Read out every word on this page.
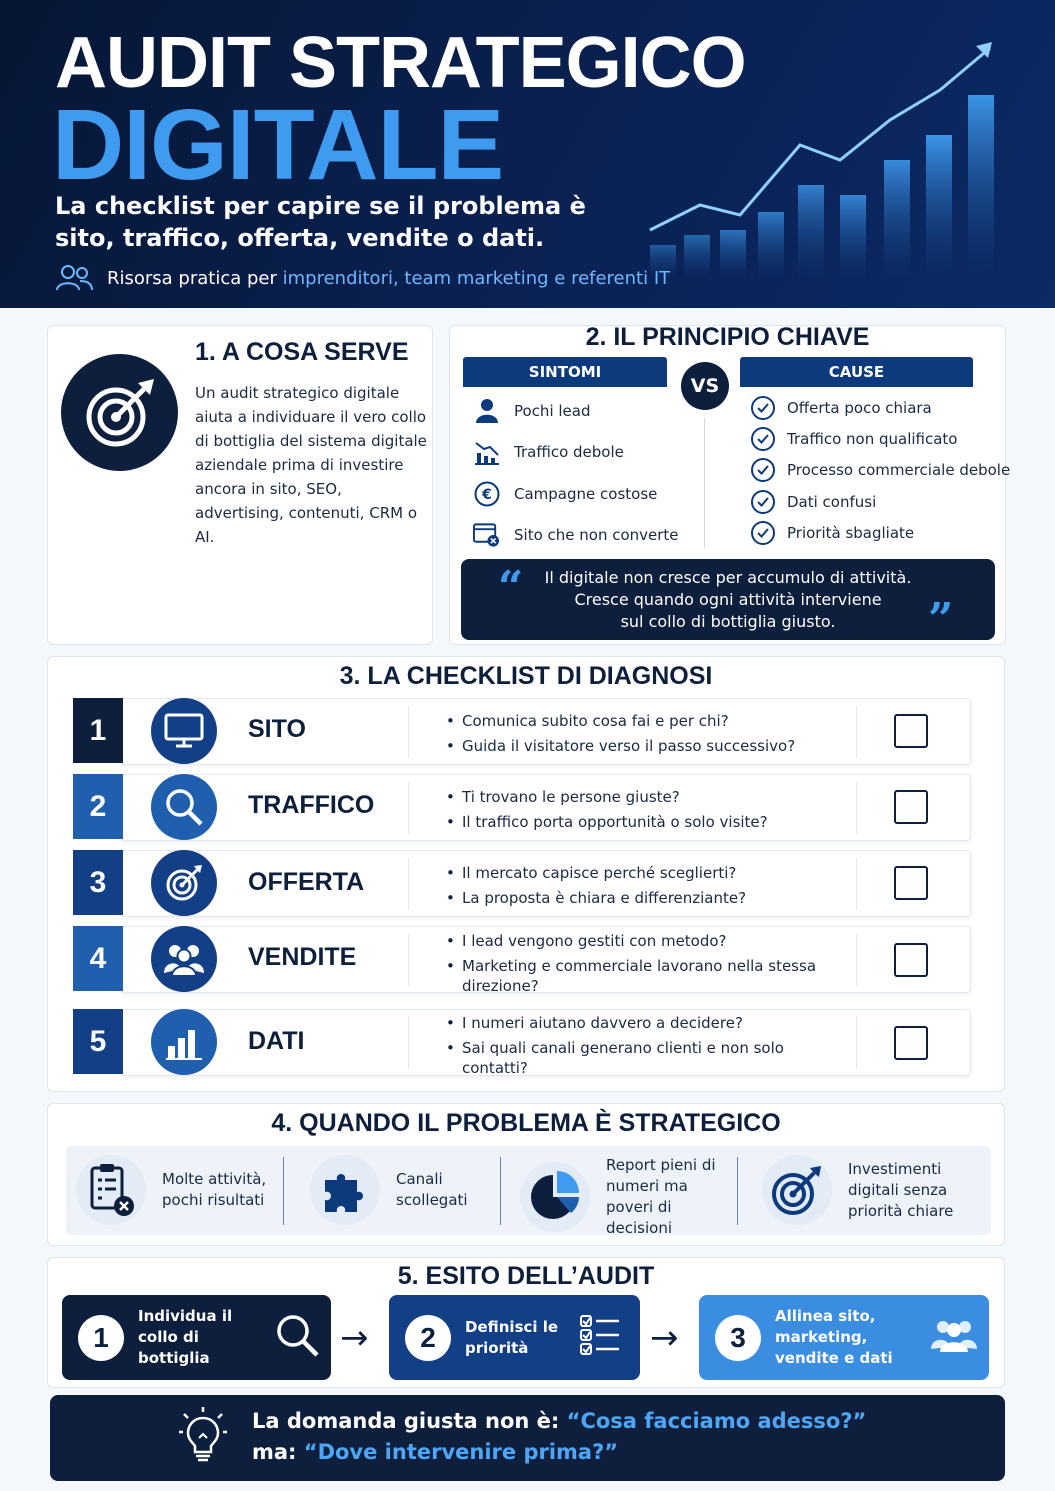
AUDIT STRATEGICO
DIGITALE
La checklist per capire se il problema è sito, traffico, offerta, vendite o dati.
Risorsa pratica per imprenditori, team marketing e referenti IT
1. A COSA SERVE
Un audit strategico digitale aiuta a individuare il vero collo di bottiglia del sistema digitale aziendale prima di investire ancora in sito, SEO, advertising, contenuti, CRM o AI.
2. IL PRINCIPIO CHIAVE
SINTOMI	CAUSE
VS
Pochi lead
Traffico debole
€ Campagne costose
Sito che non converte
Offerta poco chiara
Traffico non qualificato
Processo commerciale debole
Dati confusi
Priorità sbagliate
Il digitale non cresce per accumulo di attività.
Cresce quando ogni attività interviene
sul collo di bottiglia giusto.
“
”
3. LA CHECKLIST DI DIAGNOSI
1	SITO	• Comunica subito cosa fai e per chi?
• Guida il visitatore verso il passo successivo?
2	TRAFFICO	• Ti trovano le persone giuste?
• Il traffico porta opportunità o solo visite?
3	OFFERTA	• Il mercato capisce perché sceglierti?
• La proposta è chiara e differenziante?
4	VENDITE
• I lead vengono gestiti con metodo?
• Marketing e commerciale lavorano nella stessa direzione?
5	DATI
• I numeri aiutano davvero a decidere?
• Sai quali canali generano clienti e non solo contatti?
4. QUANDO IL PROBLEMA È STRATEGICO
Molte attività, pochi risultati
Canali scollegati
Report pieni di numeri ma poveri di decisioni
Investimenti digitali senza priorità chiare
5. ESITO DELL’AUDIT
1
Individua il collo di bottiglia	→	2	Definisci le priorità	→	3
Allinea sito, marketing, vendite e dati
La domanda giusta non è: “Cosa facciamo adesso?”
ma: “Dove intervenire prima?”
